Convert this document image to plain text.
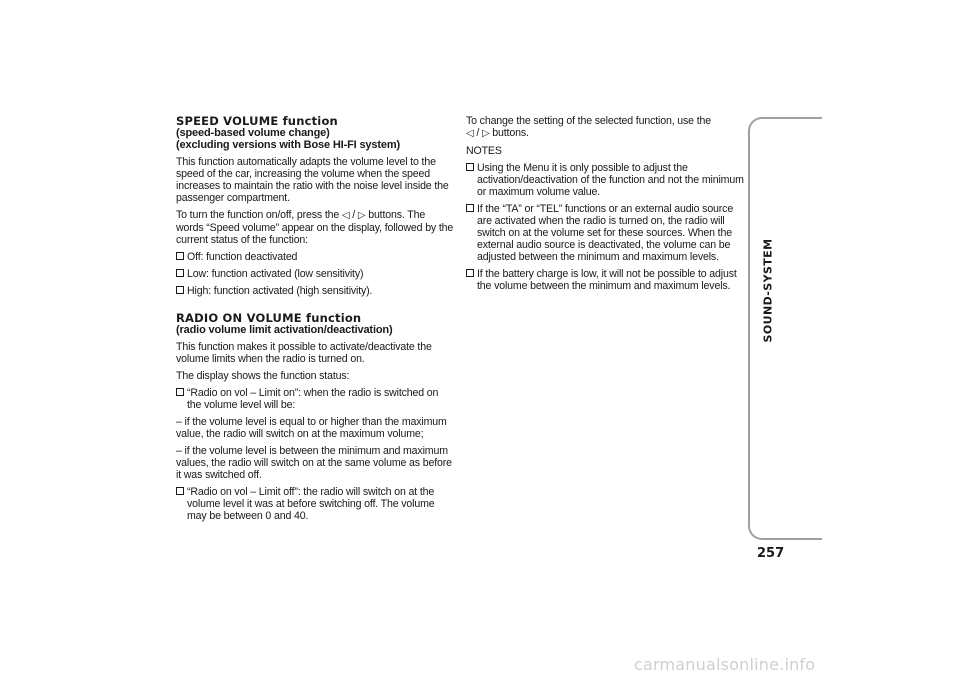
SPEED VOLUME function
(speed-based volume change)
(excluding versions with Bose HI-FI system)

This function automatically adapts the volume level to the speed of the car, increasing the volume when the speed increases to maintain the ratio with the noise level inside the passenger compartment.

To turn the function on/off, press the ◁ / ▷ buttons. The words “Speed volume” appear on the display, followed by the current status of the function:

Off: function deactivated

Low: function activated (low sensitivity)

High: function activated (high sensitivity).

RADIO ON VOLUME function
(radio volume limit activation/deactivation)

This function makes it possible to activate/deactivate the volume limits when the radio is turned on.

The display shows the function status:

“Radio on vol – Limit on”: when the radio is switched on the volume level will be:

– if the volume level is equal to or higher than the maximum value, the radio will switch on at the maximum volume;

– if the volume level is between the minimum and maximum values, the radio will switch on at the same volume as before it was switched off.

“Radio on vol – Limit off”: the radio will switch on at the volume level it was at before switching off. The volume may be between 0 and 40.

To change the setting of the selected function, use the
◁ / ▷ buttons.

NOTES

Using the Menu it is only possible to adjust the activation/deactivation of the function and not the minimum or maximum volume value.

If the “TA” or “TEL” functions or an external audio source are activated when the radio is turned on, the radio will switch on at the volume set for these sources. When the external audio source is deactivated, the volume can be adjusted between the minimum and maximum levels.

If the battery charge is low, it will not be possible to adjust the volume between the minimum and maximum levels.	SOUND-SYSTEM
257
carmanualsonline.info
